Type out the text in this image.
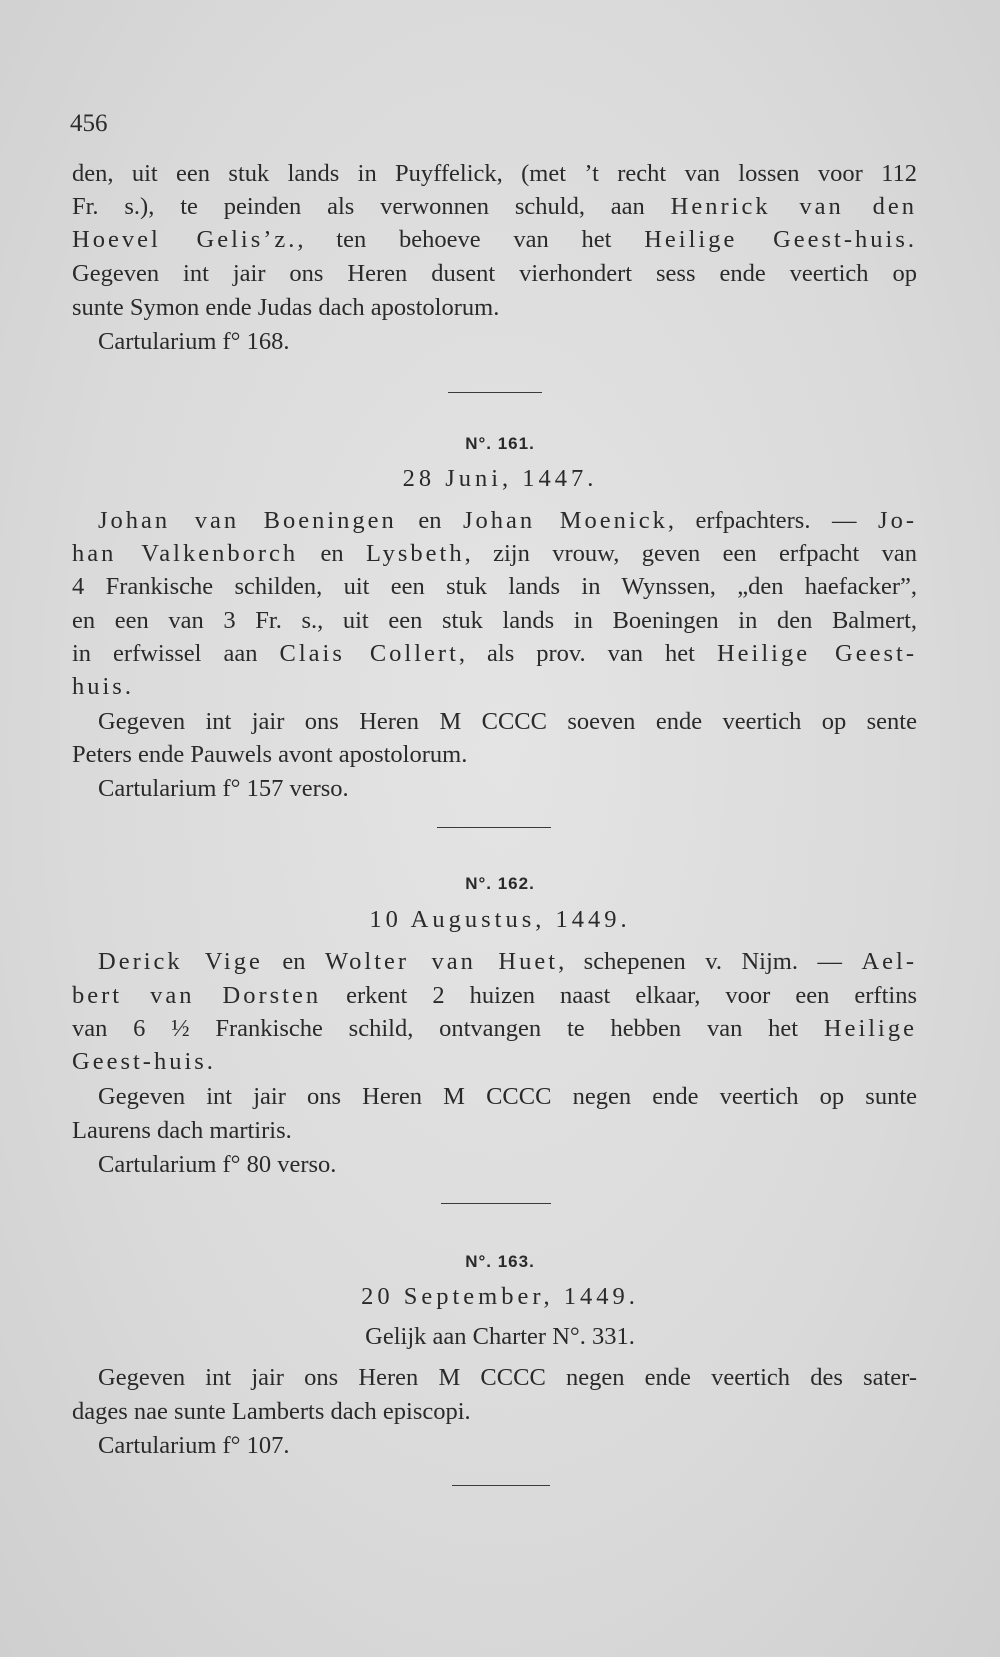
456
den, uit een stuk lands in Puyffelick, (met ’t recht van lossen voor 112
Fr. s.), te peinden als verwonnen schuld, aan Henrick van den
Hoevel Gelis’z., ten behoeve van het Heilige Geest-huis.
Gegeven int jair ons Heren dusent vierhondert sess ende veertich op
sunte Symon ende Judas dach apostolorum.
Cartularium f° 168.
N°. 161.
28 Juni, 1447.
Johan van Boeningen en Johan Moenick, erfpachters. — Jo-
han Valkenborch en Lysbeth, zijn vrouw, geven een erfpacht van
4 Frankische schilden, uit een stuk lands in Wynssen, „den haefacker”,
en een van 3 Fr. s., uit een stuk lands in Boeningen in den Balmert,
in erfwissel aan Clais Collert, als prov. van het Heilige Geest-
huis.
Gegeven int jair ons Heren M CCCC soeven ende veertich op sente
Peters ende Pauwels avont apostolorum.
Cartularium f° 157 verso.
N°. 162.
10 Augustus, 1449.
Derick Vige en Wolter van Huet, schepenen v. Nijm. — Ael-
bert van Dorsten erkent 2 huizen naast elkaar, voor een erftins
van 6 ½ Frankische schild, ontvangen te hebben van het Heilige
Geest-huis.
Gegeven int jair ons Heren M CCCC negen ende veertich op sunte
Laurens dach martiris.
Cartularium f° 80 verso.
N°. 163.
20 September, 1449.
Gelijk aan Charter N°. 331.
Gegeven int jair ons Heren M CCCC negen ende veertich des sater-
dages nae sunte Lamberts dach episcopi.
Cartularium f° 107.
